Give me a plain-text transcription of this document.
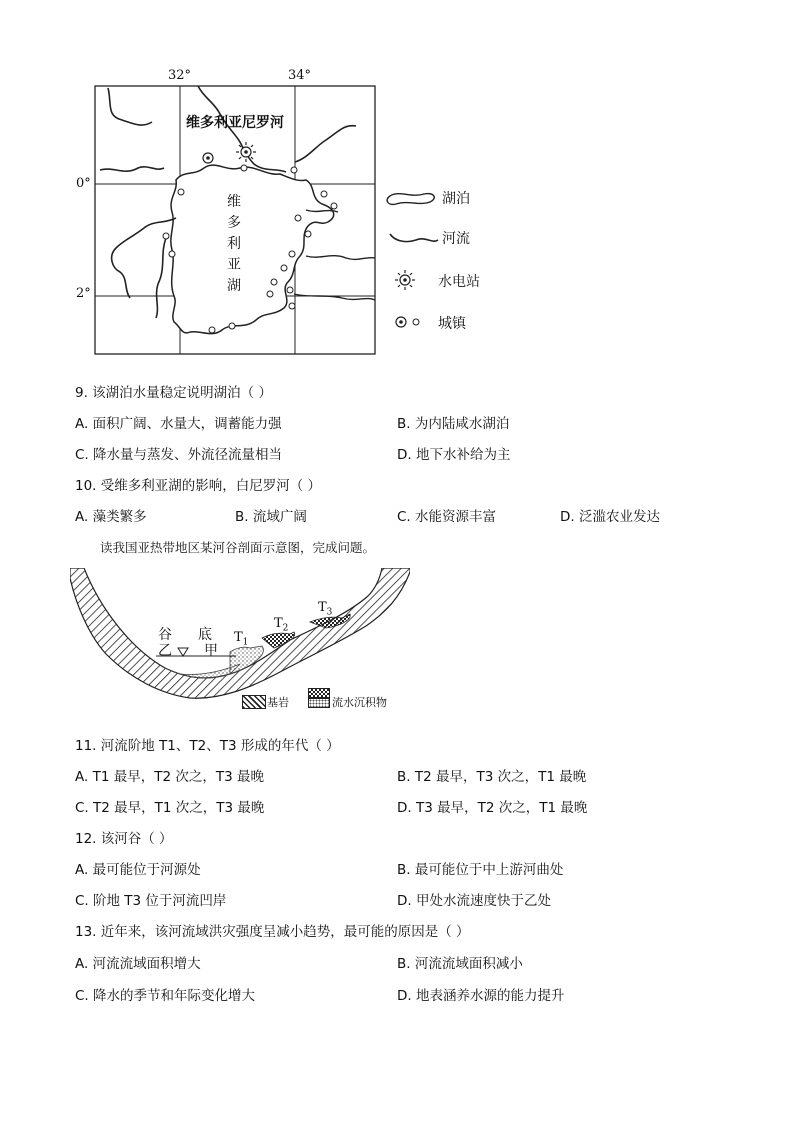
32°	34°
0°
2°
维多利亚尼罗河
维
多
利
亚
湖
湖泊
河流
水电站
城镇
9. 该湖泊水量稳定说明湖泊（ ）
A. 面积广阔、水量大，调蓄能力强	B. 为内陆咸水湖泊
C. 降水量与蒸发、外流径流量相当	D. 地下水补给为主
10. 受维多利亚湖的影响，白尼罗河（ ）
A. 藻类繁多	B. 流域广阔	C. 水能资源丰富	D. 泛滥农业发达
读我国亚热带地区某河谷剖面示意图，完成问题。
谷 底
乙 甲
$T_1$
$T_2$
$T_3$
基岩	流水沉积物
11. 河流阶地 T1、T2、T3 形成的年代（ ）
A. T1 最早，T2 次之，T3 最晚	B. T2 最早，T3 次之，T1 最晚
C. T2 最早，T1 次之，T3 最晚	D. T3 最早，T2 次之，T1 最晚
12. 该河谷（ ）
A. 最可能位于河源处	B. 最可能位于中上游河曲处
C. 阶地 T3 位于河流凹岸	D. 甲处水流速度快于乙处
13. 近年来，该河流域洪灾强度呈减小趋势，最可能的原因是（ ）
A. 河流流域面积增大	B. 河流流域面积减小
C. 降水的季节和年际变化增大	D. 地表涵养水源的能力提升
